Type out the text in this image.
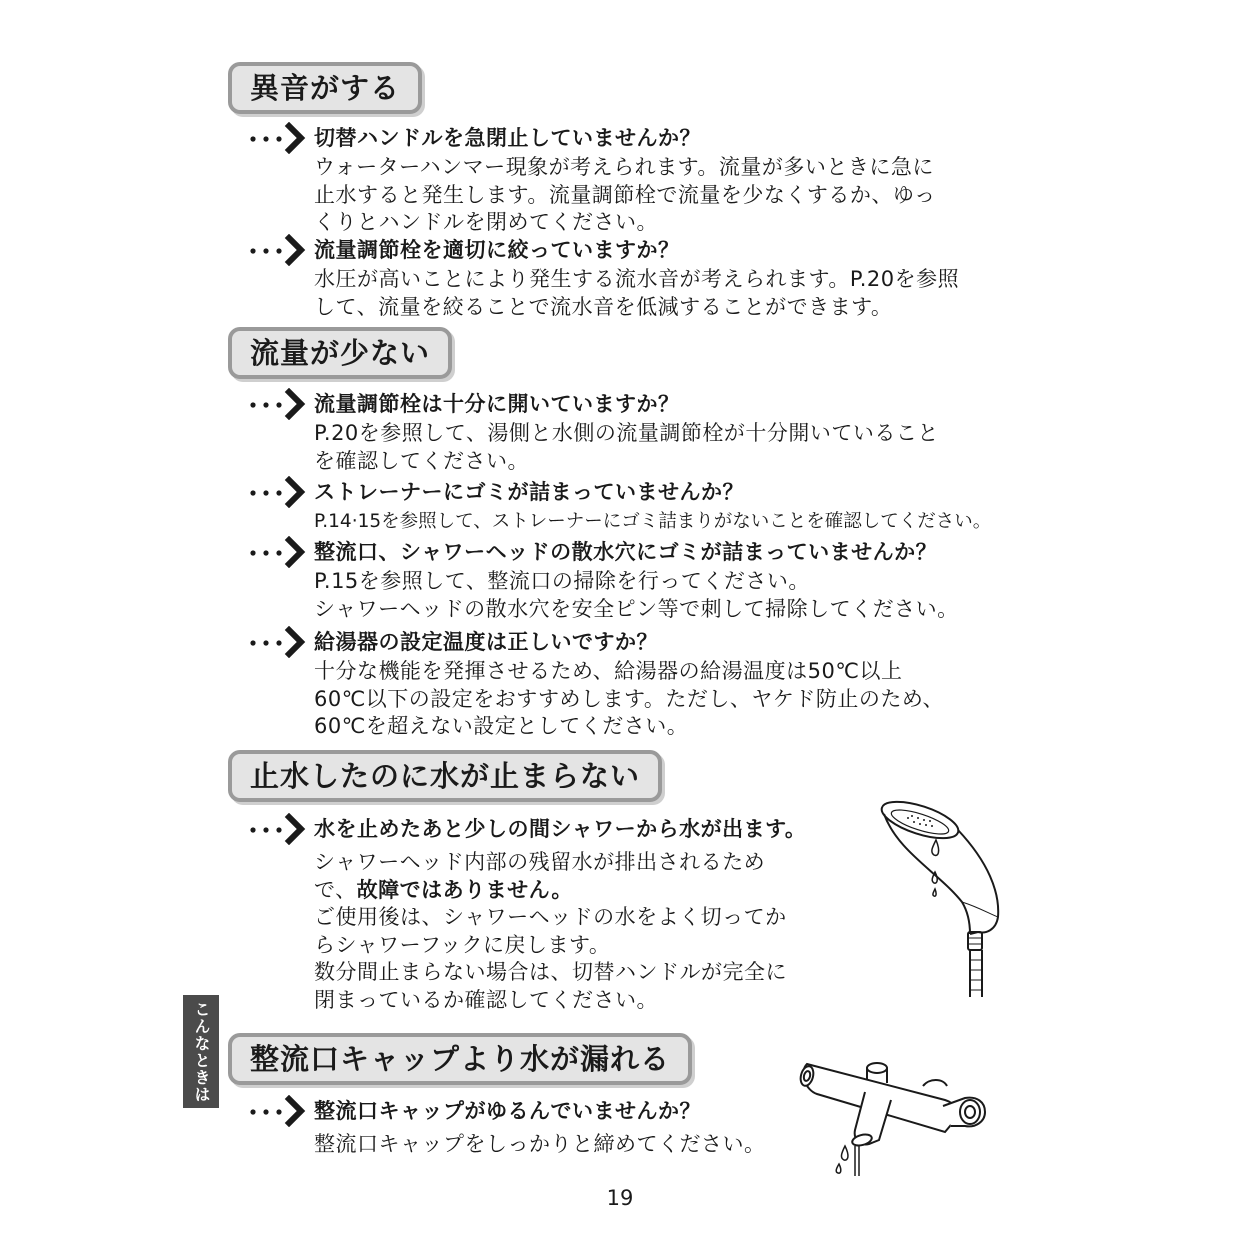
異音がする
切替ハンドルを急閉止していませんか？
ウォーターハンマー現象が考えられます。流量が多いときに急に
止水すると発生します。流量調節栓で流量を少なくするか、ゆっ
くりとハンドルを閉めてください。
流量調節栓を適切に絞っていますか？
水圧が高いことにより発生する流水音が考えられます。P.20を参照
して、流量を絞ることで流水音を低減することができます。
流量が少ない
流量調節栓は十分に開いていますか？
P.20を参照して、湯側と水側の流量調節栓が十分開いていること
を確認してください。
ストレーナーにゴミが詰まっていませんか？
P.14·15を参照して、ストレーナーにゴミ詰まりがないことを確認してください。
整流口、シャワーヘッドの散水穴にゴミが詰まっていませんか？
P.15を参照して、整流口の掃除を行ってください。
シャワーヘッドの散水穴を安全ピン等で刺して掃除してください。
給湯器の設定温度は正しいですか？
十分な機能を発揮させるため、給湯器の給湯温度は50℃以上
60℃以下の設定をおすすめします。ただし、ヤケド防止のため、
60℃を超えない設定としてください。
止水したのに水が止まらない
水を止めたあと少しの間シャワーから水が出ます。
シャワーヘッド内部の残留水が排出されるため
で、故障ではありません。
ご使用後は、シャワーヘッドの水をよく切ってか
らシャワーフックに戻します。
数分間止まらない場合は、切替ハンドルが完全に
閉まっているか確認してください。
整流口キャップより水が漏れる
整流口キャップがゆるんでいませんか？
整流口キャップをしっかりと締めてください。
こんなときは
19
